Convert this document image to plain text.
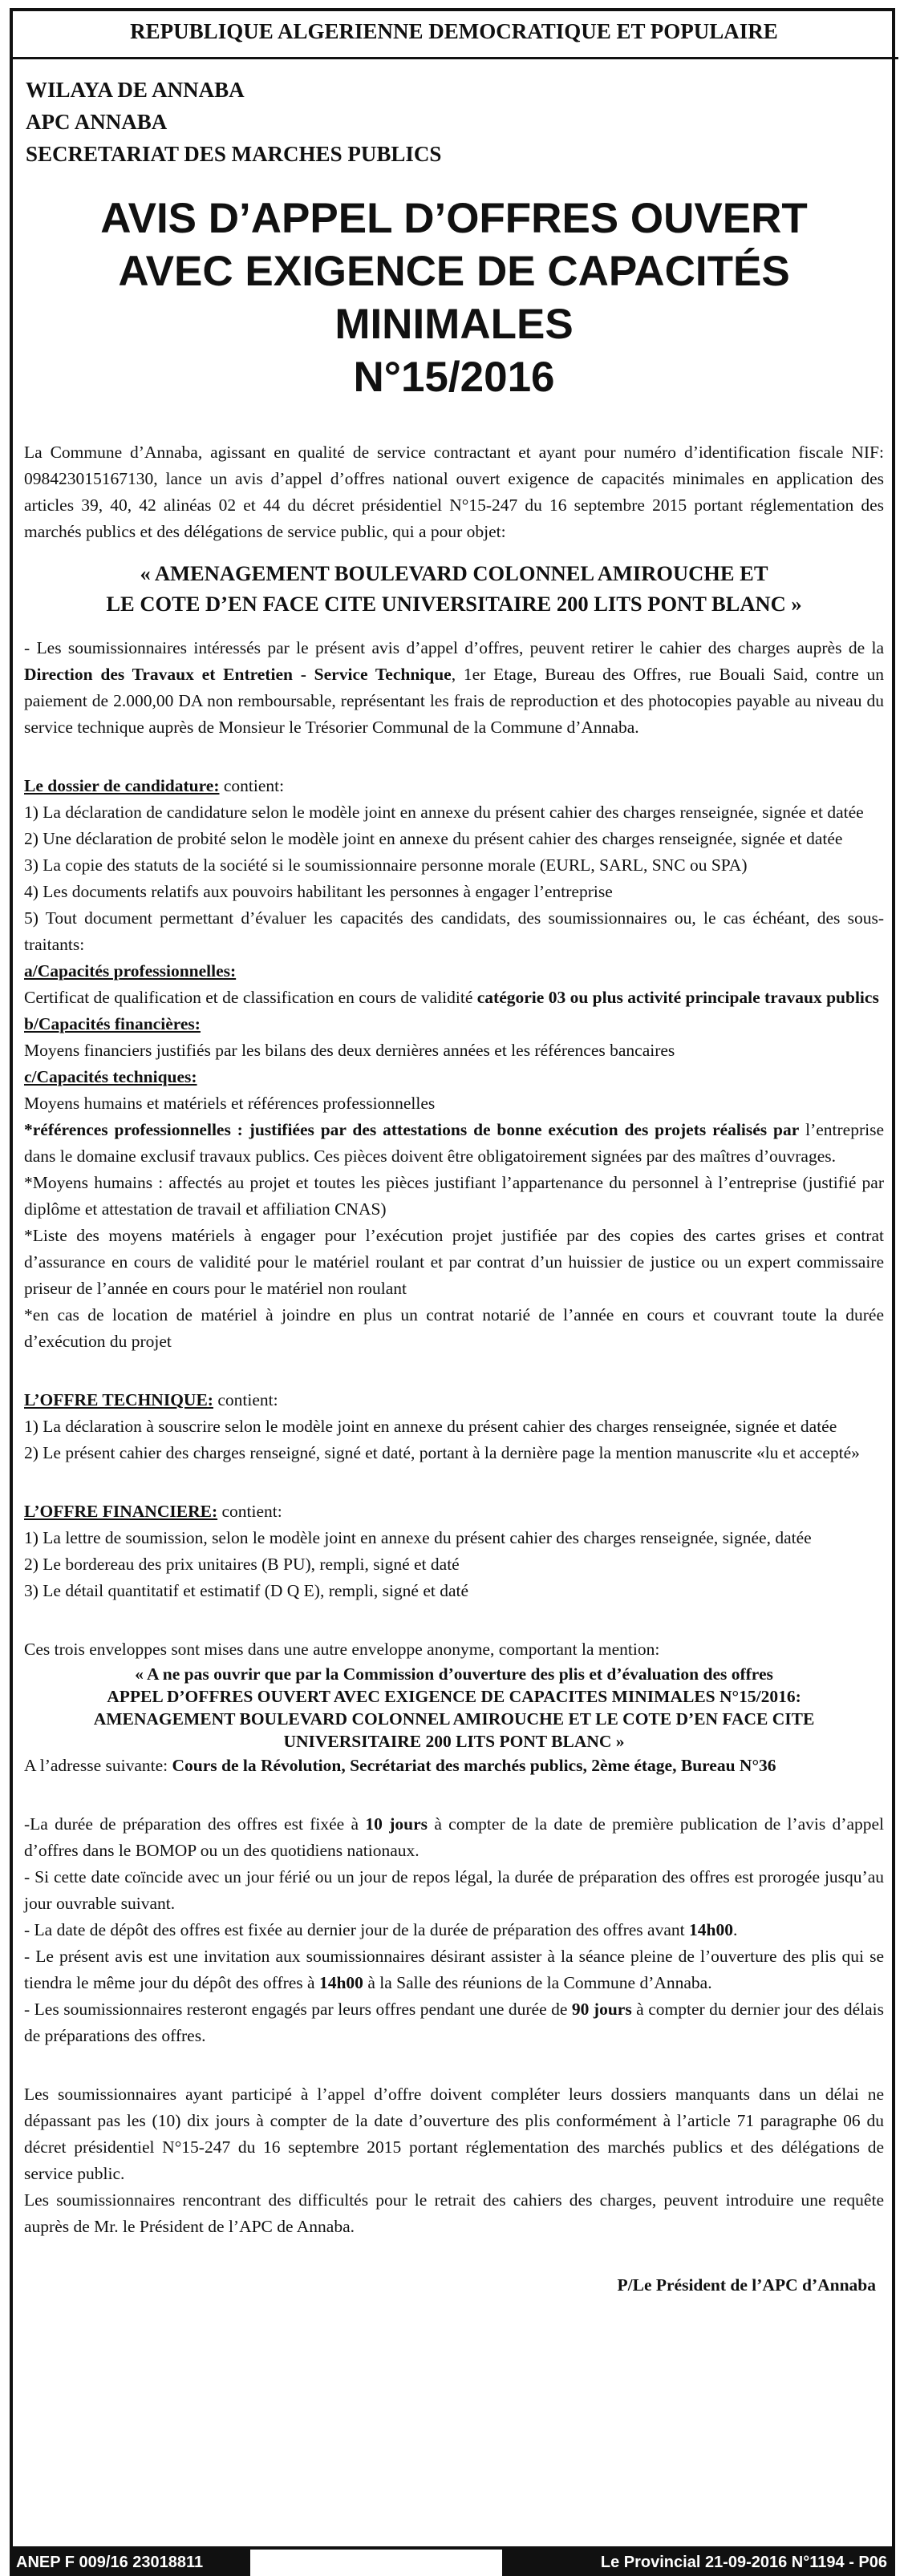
REPUBLIQUE ALGERIENNE DEMOCRATIQUE ET POPULAIRE
WILAYA DE ANNABA
APC ANNABA
SECRETARIAT DES MARCHES PUBLICS
AVIS D’APPEL D’OFFRES OUVERT
AVEC EXIGENCE DE CAPACITÉS MINIMALES
N°15/2016

La Commune d’Annaba, agissant en qualité de service contractant et ayant pour numéro d’identification fiscale NIF: 098423015167130, lance un avis d’appel d’offres national ouvert exigence de capacités minimales en application des articles 39, 40, 42 alinéas 02 et 44 du décret présidentiel N°15-247 du 16 septembre 2015 portant réglementation des marchés publics et des délégations de service public, qui a pour objet:

« AMENAGEMENT BOULEVARD COLONNEL AMIROUCHE ET
LE COTE D’EN FACE CITE UNIVERSITAIRE 200 LITS PONT BLANC »

- Les soumissionnaires intéressés par le présent avis d’appel d’offres, peuvent retirer le cahier des charges auprès de la Direction des Travaux et Entretien - Service Technique, 1er Etage, Bureau des Offres, rue Bouali Said, contre un paiement de 2.000,00 DA non remboursable, représentant les frais de reproduction et des photocopies payable au niveau du service technique auprès de Monsieur le Trésorier Communal de la Commune d’Annaba.

Le dossier de candidature: contient:

1) La déclaration de candidature selon le modèle joint en annexe du présent cahier des charges renseignée, signée et datée

2) Une déclaration de probité selon le modèle joint en annexe du présent cahier des charges renseignée, signée et datée

3) La copie des statuts de la société si le soumissionnaire personne morale (EURL, SARL, SNC ou SPA)

4) Les documents relatifs aux pouvoirs habilitant les personnes à engager l’entreprise

5) Tout document permettant d’évaluer les capacités des candidats, des soumissionnaires ou, le cas échéant, des sous-traitants:

a/Capacités professionnelles:

Certificat de qualification et de classification en cours de validité catégorie 03 ou plus activité principale travaux publics

b/Capacités financières:

Moyens financiers justifiés par les bilans des deux dernières années et les références bancaires

c/Capacités techniques:

Moyens humains et matériels et références professionnelles

*références professionnelles : justifiées par des attestations de bonne exécution des projets réalisés par l’entreprise dans le domaine exclusif travaux publics. Ces pièces doivent être obligatoirement signées par des maîtres d’ouvrages.

*Moyens humains : affectés au projet et toutes les pièces justifiant l’appartenance du personnel à l’entreprise (justifié par diplôme et attestation de travail et affiliation CNAS)

*Liste des moyens matériels à engager pour l’exécution projet justifiée par des copies des cartes grises et contrat d’assurance en cours de validité pour le matériel roulant et par contrat d’un huissier de justice ou un expert commissaire priseur de l’année en cours pour le matériel non roulant

*en cas de location de matériel à joindre en plus un contrat notarié de l’année en cours et couvrant toute la durée d’exécution du projet

L’OFFRE TECHNIQUE: contient:

1) La déclaration à souscrire selon le modèle joint en annexe du présent cahier des charges renseignée, signée et datée

2) Le présent cahier des charges renseigné, signé et daté, portant à la dernière page la mention manuscrite «lu et accepté»

L’OFFRE FINANCIERE: contient:

1) La lettre de soumission, selon le modèle joint en annexe du présent cahier des charges renseignée, signée, datée

2) Le bordereau des prix unitaires (B PU), rempli, signé et daté

3) Le détail quantitatif et estimatif (D Q E), rempli, signé et daté

Ces trois enveloppes sont mises dans une autre enveloppe anonyme, comportant la mention:

« A ne pas ouvrir que par la Commission d’ouverture des plis et d’évaluation des offres
APPEL D’OFFRES OUVERT AVEC EXIGENCE DE CAPACITES MINIMALES N°15/2016:
AMENAGEMENT BOULEVARD COLONNEL AMIROUCHE ET LE COTE D’EN FACE CITE
UNIVERSITAIRE 200 LITS PONT BLANC »

A l’adresse suivante: Cours de la Révolution, Secrétariat des marchés publics, 2ème étage, Bureau N°36

-La durée de préparation des offres est fixée à 10 jours à compter de la date de première publication de l’avis d’appel d’offres dans le BOMOP ou un des quotidiens nationaux.

- Si cette date coïncide avec un jour férié ou un jour de repos légal, la durée de préparation des offres est prorogée jusqu’au jour ouvrable suivant.

- La date de dépôt des offres est fixée au dernier jour de la durée de préparation des offres avant 14h00.

- Le présent avis est une invitation aux soumissionnaires désirant assister à la séance pleine de l’ouverture des plis qui se tiendra le même jour du dépôt des offres à 14h00 à la Salle des réunions de la Commune d’Annaba.

- Les soumissionnaires resteront engagés par leurs offres pendant une durée de 90 jours à compter du dernier jour des délais de préparations des offres.

Les soumissionnaires ayant participé à l’appel d’offre doivent compléter leurs dossiers manquants dans un délai ne dépassant pas les (10) dix jours à compter de la date d’ouverture des plis conformément à l’article 71 paragraphe 06 du décret présidentiel N°15-247 du 16 septembre 2015 portant réglementation des marchés publics et des délégations de service public.

Les soumissionnaires rencontrant des difficultés pour le retrait des cahiers des charges, peuvent introduire une requête auprès de Mr. le Président de l’APC de Annaba.

P/Le Président de l’APC d’Annaba
ANEP F 009/16 23018811	Le Provincial 21-09-2016 N°1194 - P06
